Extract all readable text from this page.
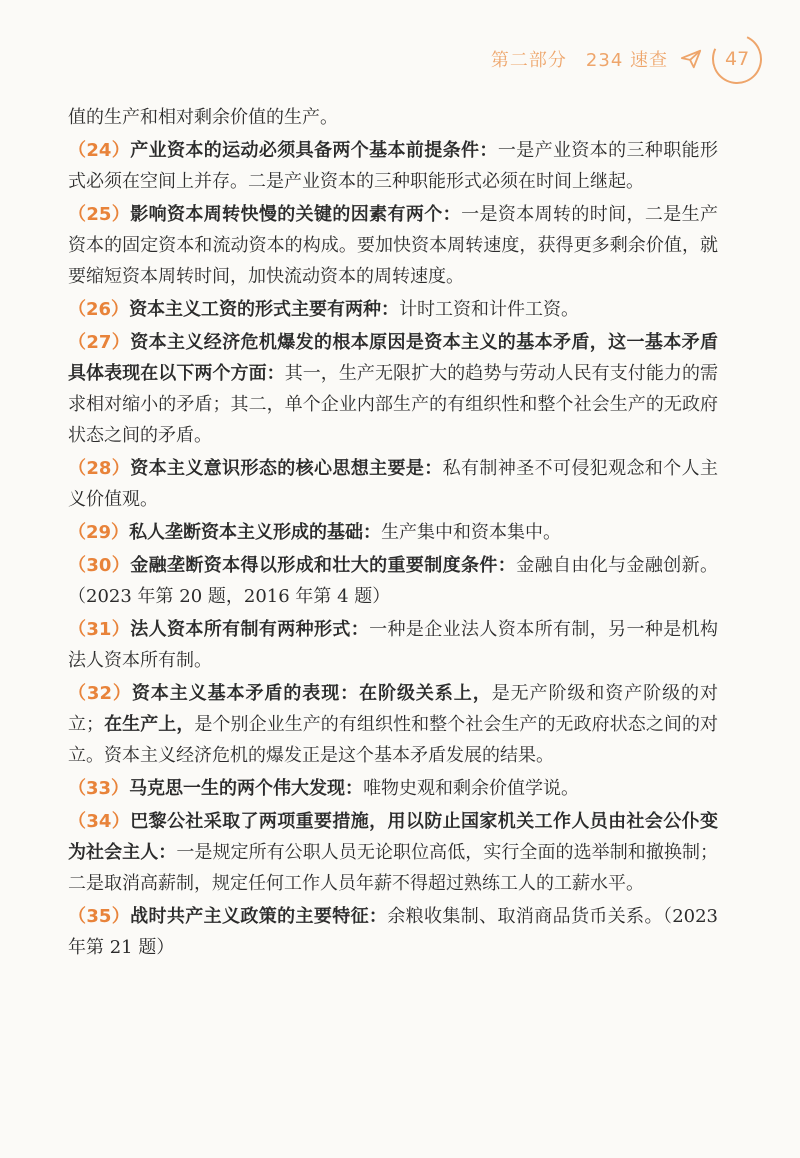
第二部分　234 速查	47

值的生产和相对剩余价值的生产。

（24）产业资本的运动必须具备两个基本前提条件：一是产业资本的三种职能形式必须在空间上并存。二是产业资本的三种职能形式必须在时间上继起。

（25）影响资本周转快慢的关键的因素有两个：一是资本周转的时间，二是生产资本的固定资本和流动资本的构成。要加快资本周转速度，获得更多剩余价值，就要缩短资本周转时间，加快流动资本的周转速度。

（26）资本主义工资的形式主要有两种：计时工资和计件工资。

（27）资本主义经济危机爆发的根本原因是资本主义的基本矛盾，这一基本矛盾具体表现在以下两个方面：其一，生产无限扩大的趋势与劳动人民有支付能力的需求相对缩小的矛盾；其二，单个企业内部生产的有组织性和整个社会生产的无政府状态之间的矛盾。

（28）资本主义意识形态的核心思想主要是：私有制神圣不可侵犯观念和个人主义价值观。

（29）私人垄断资本主义形成的基础：生产集中和资本集中。

（30）金融垄断资本得以形成和壮大的重要制度条件：金融自由化与金融创新。（2023 年第 20 题，2016 年第 4 题）

（31）法人资本所有制有两种形式：一种是企业法人资本所有制，另一种是机构法人资本所有制。

（32）资本主义基本矛盾的表现：在阶级关系上，是无产阶级和资产阶级的对立；在生产上，是个别企业生产的有组织性和整个社会生产的无政府状态之间的对立。资本主义经济危机的爆发正是这个基本矛盾发展的结果。

（33）马克思一生的两个伟大发现：唯物史观和剩余价值学说。

（34）巴黎公社采取了两项重要措施，用以防止国家机关工作人员由社会公仆变为社会主人：一是规定所有公职人员无论职位高低，实行全面的选举制和撤换制；二是取消高薪制，规定任何工作人员年薪不得超过熟练工人的工薪水平。

（35）战时共产主义政策的主要特征：余粮收集制、取消商品货币关系。（2023 年第 21 题）
